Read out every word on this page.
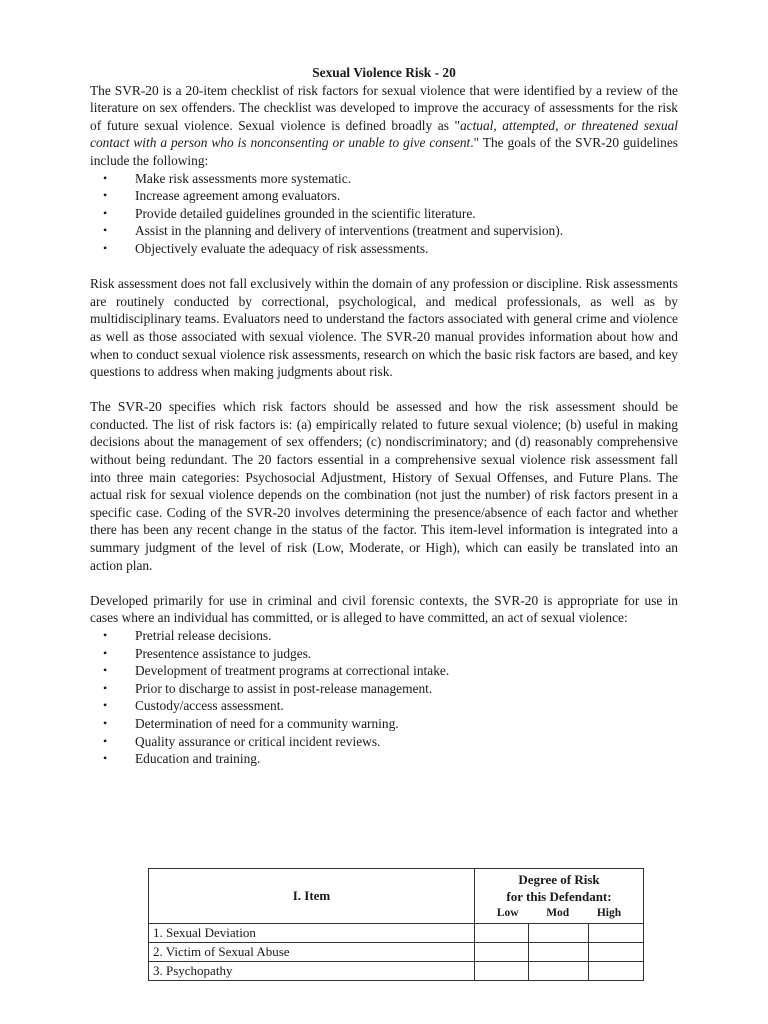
Sexual Violence Risk - 20

The SVR-20 is a 20-item checklist of risk factors for sexual violence that were identified by a review of the literature on sex offenders. The checklist was developed to improve the accuracy of assessments for the risk of future sexual violence. Sexual violence is defined broadly as "actual, attempted, or threatened sexual contact with a person who is nonconsenting or unable to give consent." The goals of the SVR-20 guidelines include the following:

• Make risk assessments more systematic.
• Increase agreement among evaluators.
• Provide detailed guidelines grounded in the scientific literature.
• Assist in the planning and delivery of interventions (treatment and supervision).
• Objectively evaluate the adequacy of risk assessments.

Risk assessment does not fall exclusively within the domain of any profession or discipline. Risk assessments are routinely conducted by correctional, psychological, and medical professionals, as well as by multidisciplinary teams. Evaluators need to understand the factors associated with general crime and violence as well as those associated with sexual violence. The SVR-20 manual provides information about how and when to conduct sexual violence risk assessments, research on which the basic risk factors are based, and key questions to address when making judgments about risk.

The SVR-20 specifies which risk factors should be assessed and how the risk assessment should be conducted. The list of risk factors is: (a) empirically related to future sexual violence; (b) useful in making decisions about the management of sex offenders; (c) nondiscriminatory; and (d) reasonably comprehensive without being redundant. The 20 factors essential in a comprehensive sexual violence risk assessment fall into three main categories: Psychosocial Adjustment, History of Sexual Offenses, and Future Plans. The actual risk for sexual violence depends on the combination (not just the number) of risk factors present in a specific case. Coding of the SVR-20 involves determining the presence/absence of each factor and whether there has been any recent change in the status of the factor. This item-level information is integrated into a summary judgment of the level of risk (Low, Moderate, or High), which can easily be translated into an action plan.

Developed primarily for use in criminal and civil forensic contexts, the SVR-20 is appropriate for use in cases where an individual has committed, or is alleged to have committed, an act of sexual violence:

• Pretrial release decisions.
• Presentence assistance to judges.
• Development of treatment programs at correctional intake.
• Prior to discharge to assist in post-release management.
• Custody/access assessment.
• Determination of need for a community warning.
• Quality assurance or critical incident reviews.
• Education and training.
I. Item	Degree of Risk
for this Defendant:
Low Mod High		

1. Sexual Deviation			
2. Victim of Sexual Abuse			
3. Psychopathy			
